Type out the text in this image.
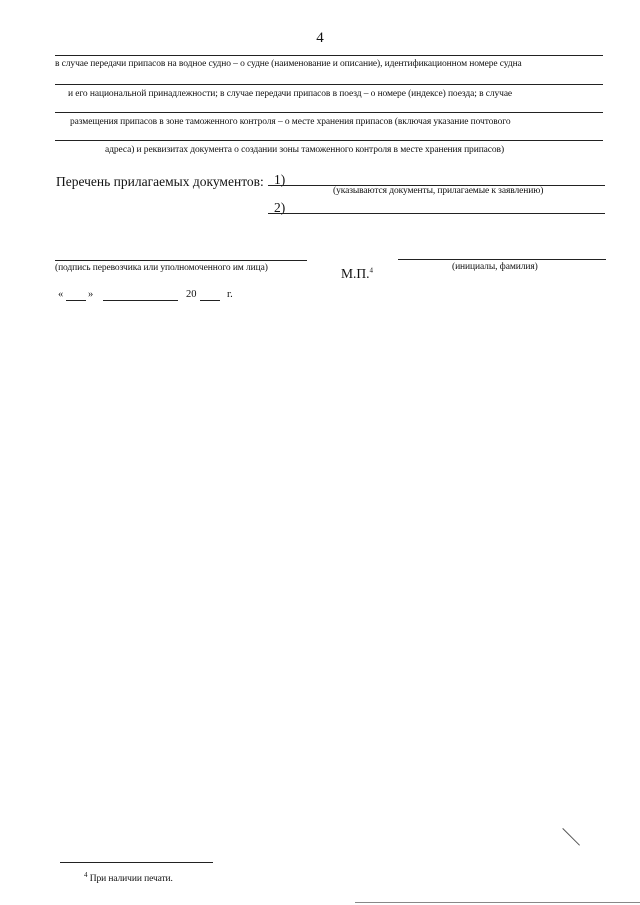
4
в случае передачи припасов на водное судно – о судне (наименование и описание), идентификационном номере судна
и его национальной принадлежности; в случае передачи припасов в поезд – о номере (индексе) поезда; в случае
размещения припасов в зоне таможенного контроля – о месте хранения припасов (включая указание почтового
адреса) и реквизитах документа о создании зоны таможенного контроля в месте хранения припасов)
Перечень прилагаемых документов: 1)
(указываются документы, прилагаемые к заявлению)
2)
(подпись перевозчика или уполномоченного им лица)	М.П.$^4$	(инициалы, фамилия)
« »	20	г.
$^4$ При наличии печати.
